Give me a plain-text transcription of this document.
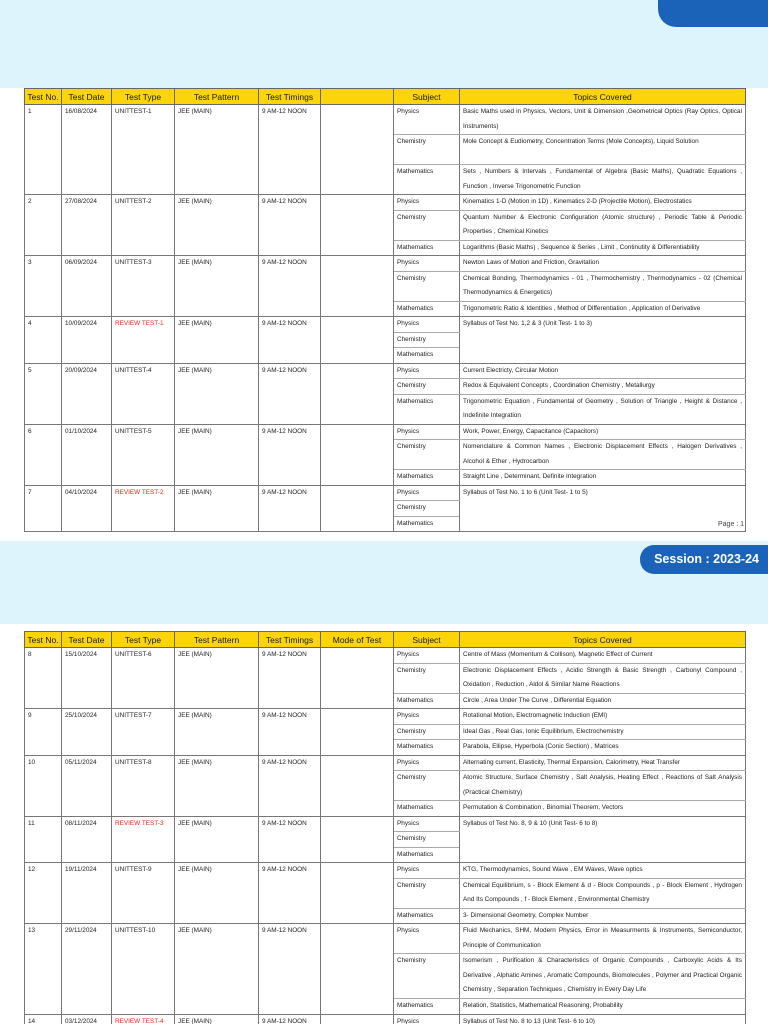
Test No.	Test Date	Test Type	Test Pattern	Test Timings		Subject	Topics Covered
1	16/08/2024	UNITTEST-1	JEE (MAIN)	9 AM-12 NOON		Physics	Basic Maths used in Physics, Vectors, Unit & Dimension ,Geometrical Optics (Ray Optics, Optical Instruments)
						Chemistry	Mole Concept & Eudiometry, Concentration Terms (Mole Concepts), Liquid Solution
						Mathematics	Sets , Numbers & Intervals , Fundamental of Algebra (Basic Maths), Quadratic Equations , Function , Inverse Trigonometric Function
2	27/08/2024	UNITTEST-2	JEE (MAIN)	9 AM-12 NOON		Physics	Kinematics 1-D (Motion in 1D) , Kinematics 2-D (Projectile Motion), Electrostatics
						Chemistry	Quantum Number & Electronic Configuration (Atomic structure) , Periodic Table & Periodic Properties , Chemical Kinetics
						Mathematics	Logarithms (Basic Maths) , Sequence & Series , Limit , Continutity & Differentiability
3	06/09/2024	UNITTEST-3	JEE (MAIN)	9 AM-12 NOON		Physics	Newton Laws of Motion and Friction, Gravitation
						Chemistry	Chemical Bonding, Thermodynamics - 01 , Thermochemistry , Thermodynamics - 02 (Chemical Thermodynamics & Energetics)
						Mathematics	Trigonometric Ratio & Identities , Method of Differentiation , Application of Derivative
4	10/09/2024	REVIEW TEST-1	JEE (MAIN)	9 AM-12 NOON		Physics	Syllabus of Test No. 1,2 & 3 (Unit Test- 1 to 3)
						Chemistry	
						Mathematics	
5	20/09/2024	UNITTEST-4	JEE (MAIN)	9 AM-12 NOON		Physics	Current Electricty, Circular Motion
						Chemistry	Redox & Equivalent Concepts , Coordination Chemistry , Metallurgy
						Mathematics	Trigonometric Equation , Fundamental of Geometry , Solution of Triangle , Height & Distance , Indefinite Integration
6	01/10/2024	UNITTEST-5	JEE (MAIN)	9 AM-12 NOON		Physics	Work, Power, Energy, Capacitance (Capacitors)
						Chemistry	Nomenclature & Common Names , Electronic Displacement Effects , Halogen Derivatives , Alcohol & Ether , Hydrocarbon
						Mathematics	Straight Line , Determinant, Definite Integration
7	04/10/2024	REVIEW TEST-2	JEE (MAIN)	9 AM-12 NOON		Physics	Syllabus of Test No. 1 to 6 (Unit Test- 1 to 5)
						Chemistry	
						Mathematics		Page : 1
Session : 2023-24
Test No.	Test Date	Test Type	Test Pattern	Test Timings	Mode of Test	Subject	Topics Covered
8	15/10/2024	UNITTEST-6	JEE (MAIN)	9 AM-12 NOON		Physics	Centre of Mass (Momentum & Collison), Magnetic Effect of Current
						Chemistry	Electronic Displacement Effects , Acidic Strength & Basic Strength , Carbonyl Compound , Oxidation , Reduction , Aldol & Similar Name Reactions
						Mathematics	Circle , Area Under The Curve , Differential Equation
9	25/10/2024	UNITTEST-7	JEE (MAIN)	9 AM-12 NOON		Physics	Rotational Motion, Electromagnetic Induction (EMI)
						Chemistry	Ideal Gas , Real Gas, Ionic Equilibrium, Electrochemistry
						Mathematics	Parabola, Ellipse, Hyperbola (Conic Section) , Matrices
10	05/11/2024	UNITTEST-8	JEE (MAIN)	9 AM-12 NOON		Physics	Alternating current, Elasticity, Thermal Expansion, Calorimetry, Heat Transfer
						Chemistry	Atomic Structure, Surface Chemistry , Salt Analysis, Heating Effect , Reactions of Salt Analysis (Practical Chemistry)
						Mathematics	Permutation & Combination , Binomial Theorem, Vectors
11	08/11/2024	REVIEW TEST-3	JEE (MAIN)	9 AM-12 NOON		Physics	Syllabus of Test No. 8, 9 & 10 (Unit Test- 6 to 8)
						Chemistry	
						Mathematics	
12	19/11/2024	UNITTEST-9	JEE (MAIN)	9 AM-12 NOON		Physics	KTG, Thermodynamics, Sound Wave , EM Waves, Wave optics
						Chemistry	Chemical Equilibrium, s - Block Element & d - Block Compounds , p - Block Element , Hydrogen And Its Compounds , f - Block Element , Environmental Chemistry
						Mathematics	3- Dimensional Geometry, Complex Number
13	29/11/2024	UNITTEST-10	JEE (MAIN)	9 AM-12 NOON		Physics	Fluid Mechanics, SHM, Modern Physics, Error in Measurments & Instruments, Semiconductor, Principle of Communication
						Chemistry	Isomerism , Purification & Characteristics of Organic Compounds , Carboxylic Acids & Its Derivative , Alphatic Amines , Aromatic Compounds, Biomolecules , Polymer and Practical Organic Chemistry , Separation Techniques , Chemistry in Every Day Life
						Mathematics	Relation, Statistics, Mathematical Reasoning, Probability
14	03/12/2024	REVIEW TEST-4	JEE (MAIN)	9 AM-12 NOON		Physics	Syllabus of Test No. 8 to 13 (Unit Test- 6 to 10)
